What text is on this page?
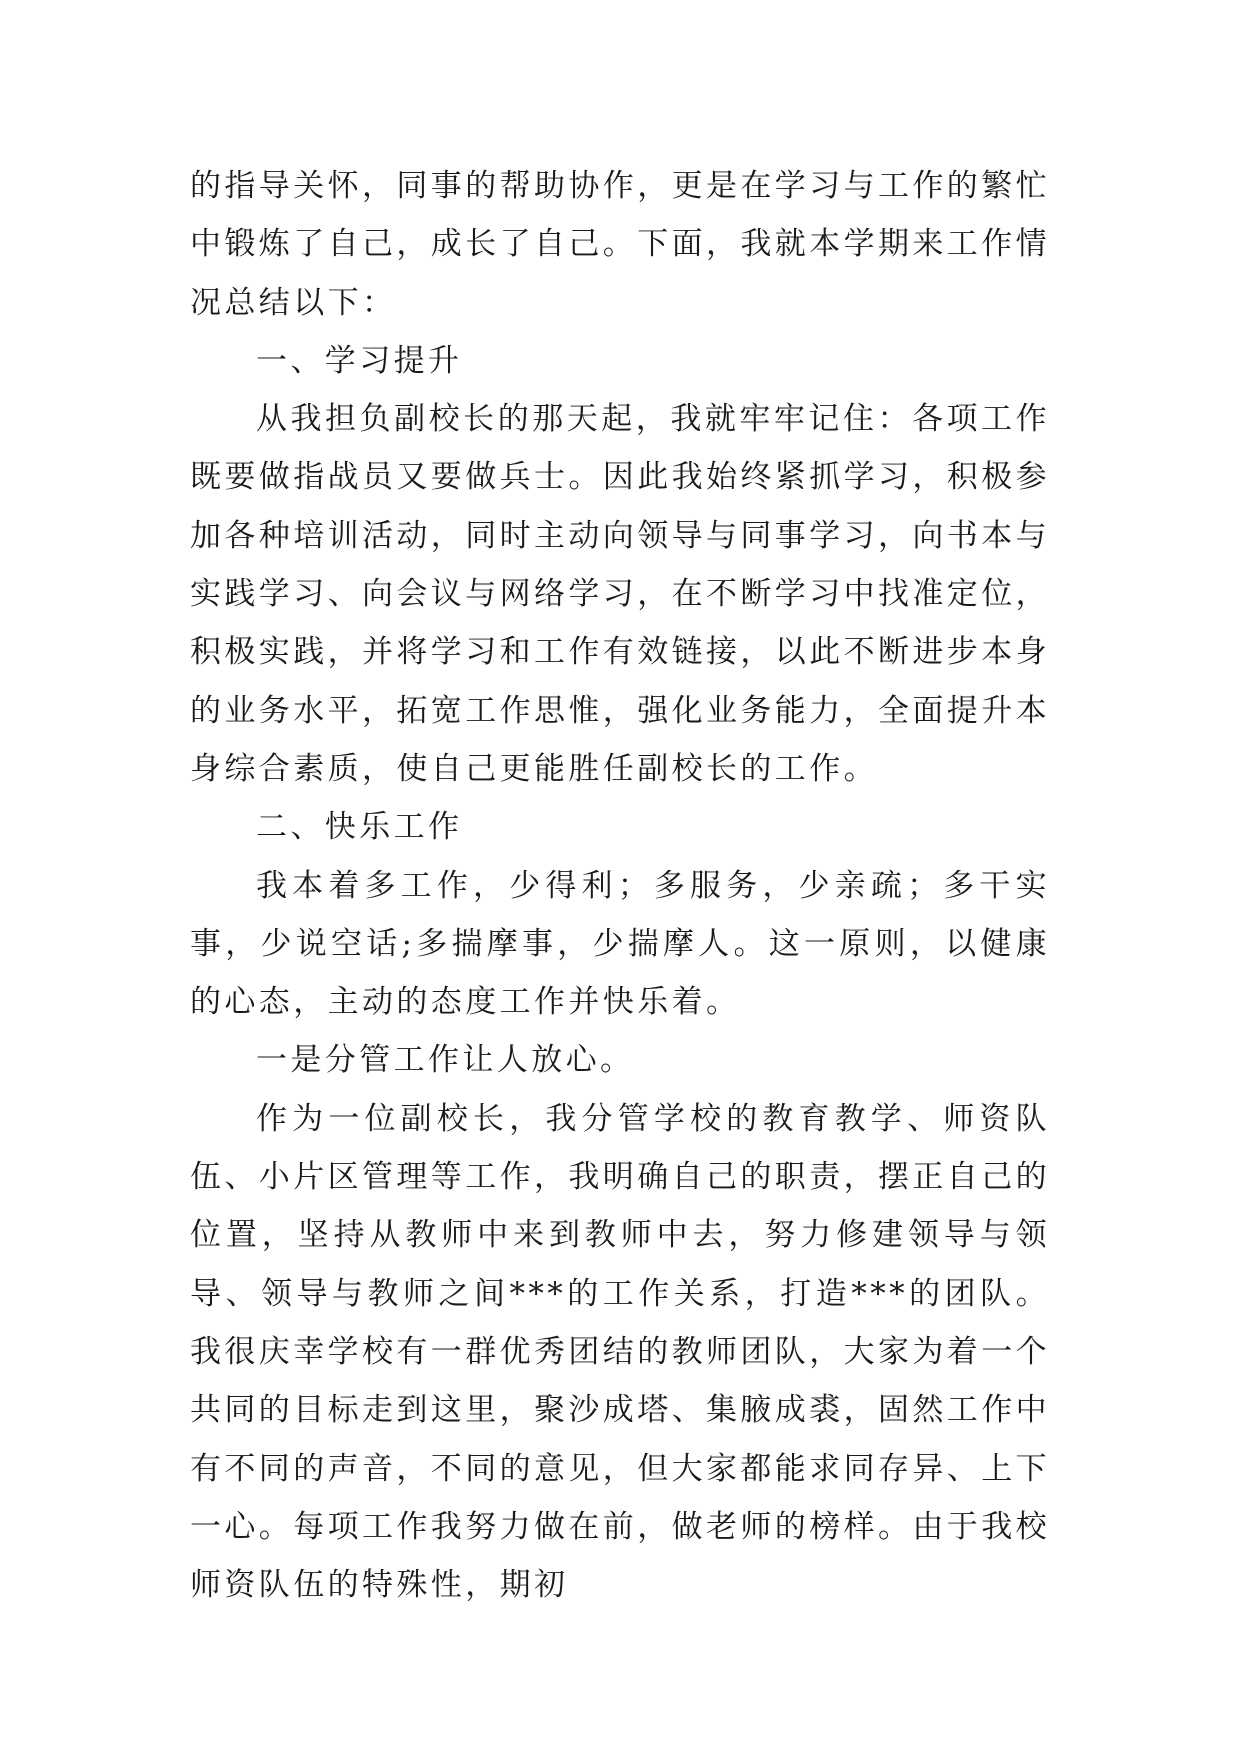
的指导关怀，同事的帮助协作，更是在学习与工作的繁忙中锻炼了自己，成长了自己。下面，我就本学期来工作情况总结以下：

一、学习提升

从我担负副校长的那天起，我就牢牢记住：各项工作既要做指战员又要做兵士。因此我始终紧抓学习，积极参加各种培训活动，同时主动向领导与同事学习，向书本与实践学习、向会议与网络学习，在不断学习中找准定位，积极实践，并将学习和工作有效链接，以此不断进步本身的业务水平，拓宽工作思惟，强化业务能力，全面提升本身综合素质，使自己更能胜任副校长的工作。

二、快乐工作

我本着多工作，少得利；多服务，少亲疏；多干实事，少说空话;多揣摩事，少揣摩人。这一原则，以健康的心态，主动的态度工作并快乐着。

一是分管工作让人放心。

作为一位副校长，我分管学校的教育教学、师资队伍、小片区管理等工作，我明确自己的职责，摆正自己的位置，坚持从教师中来到教师中去，努力修建领导与领导、领导与教师之间***的工作关系，打造***的团队。我很庆幸学校有一群优秀团结的教师团队，大家为着一个共同的目标走到这里，聚沙成塔、集腋成裘，固然工作中有不同的声音，不同的意见，但大家都能求同存异、上下一心。每项工作我努力做在前，做老师的榜样。由于我校师资队伍的特殊性，期初
